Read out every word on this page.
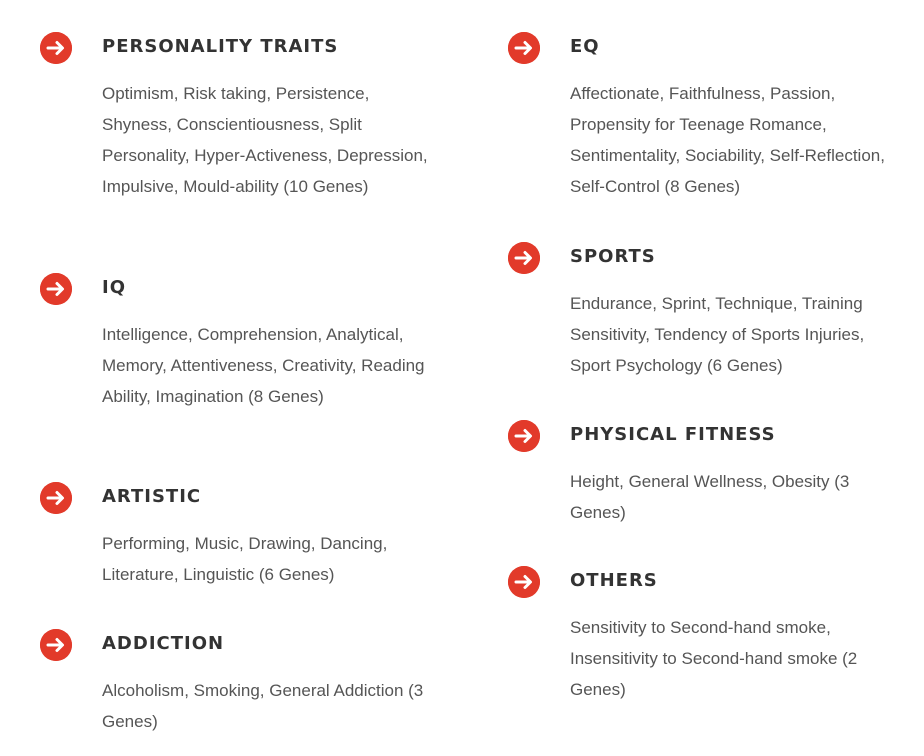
PERSONALITY TRAITS
Optimism, Risk taking, Persistence, Shyness, Conscientiousness, Split Personality, Hyper-Activeness, Depression, Impulsive, Mould-ability (10 Genes)
IQ
Intelligence, Comprehension, Analytical, Memory, Attentiveness, Creativity, Reading Ability, Imagination (8 Genes)
ARTISTIC
Performing, Music, Drawing, Dancing, Literature, Linguistic (6 Genes)
ADDICTION
Alcoholism, Smoking, General Addiction (3 Genes)
EQ
Affectionate, Faithfulness, Passion, Propensity for Teenage Romance, Sentimentality, Sociability, Self-Reflection, Self-Control (8 Genes)
SPORTS
Endurance, Sprint, Technique, Training Sensitivity, Tendency of Sports Injuries, Sport Psychology (6 Genes)
PHYSICAL FITNESS
Height, General Wellness, Obesity (3 Genes)
OTHERS
Sensitivity to Second-hand smoke, Insensitivity to Second-hand smoke (2 Genes)
